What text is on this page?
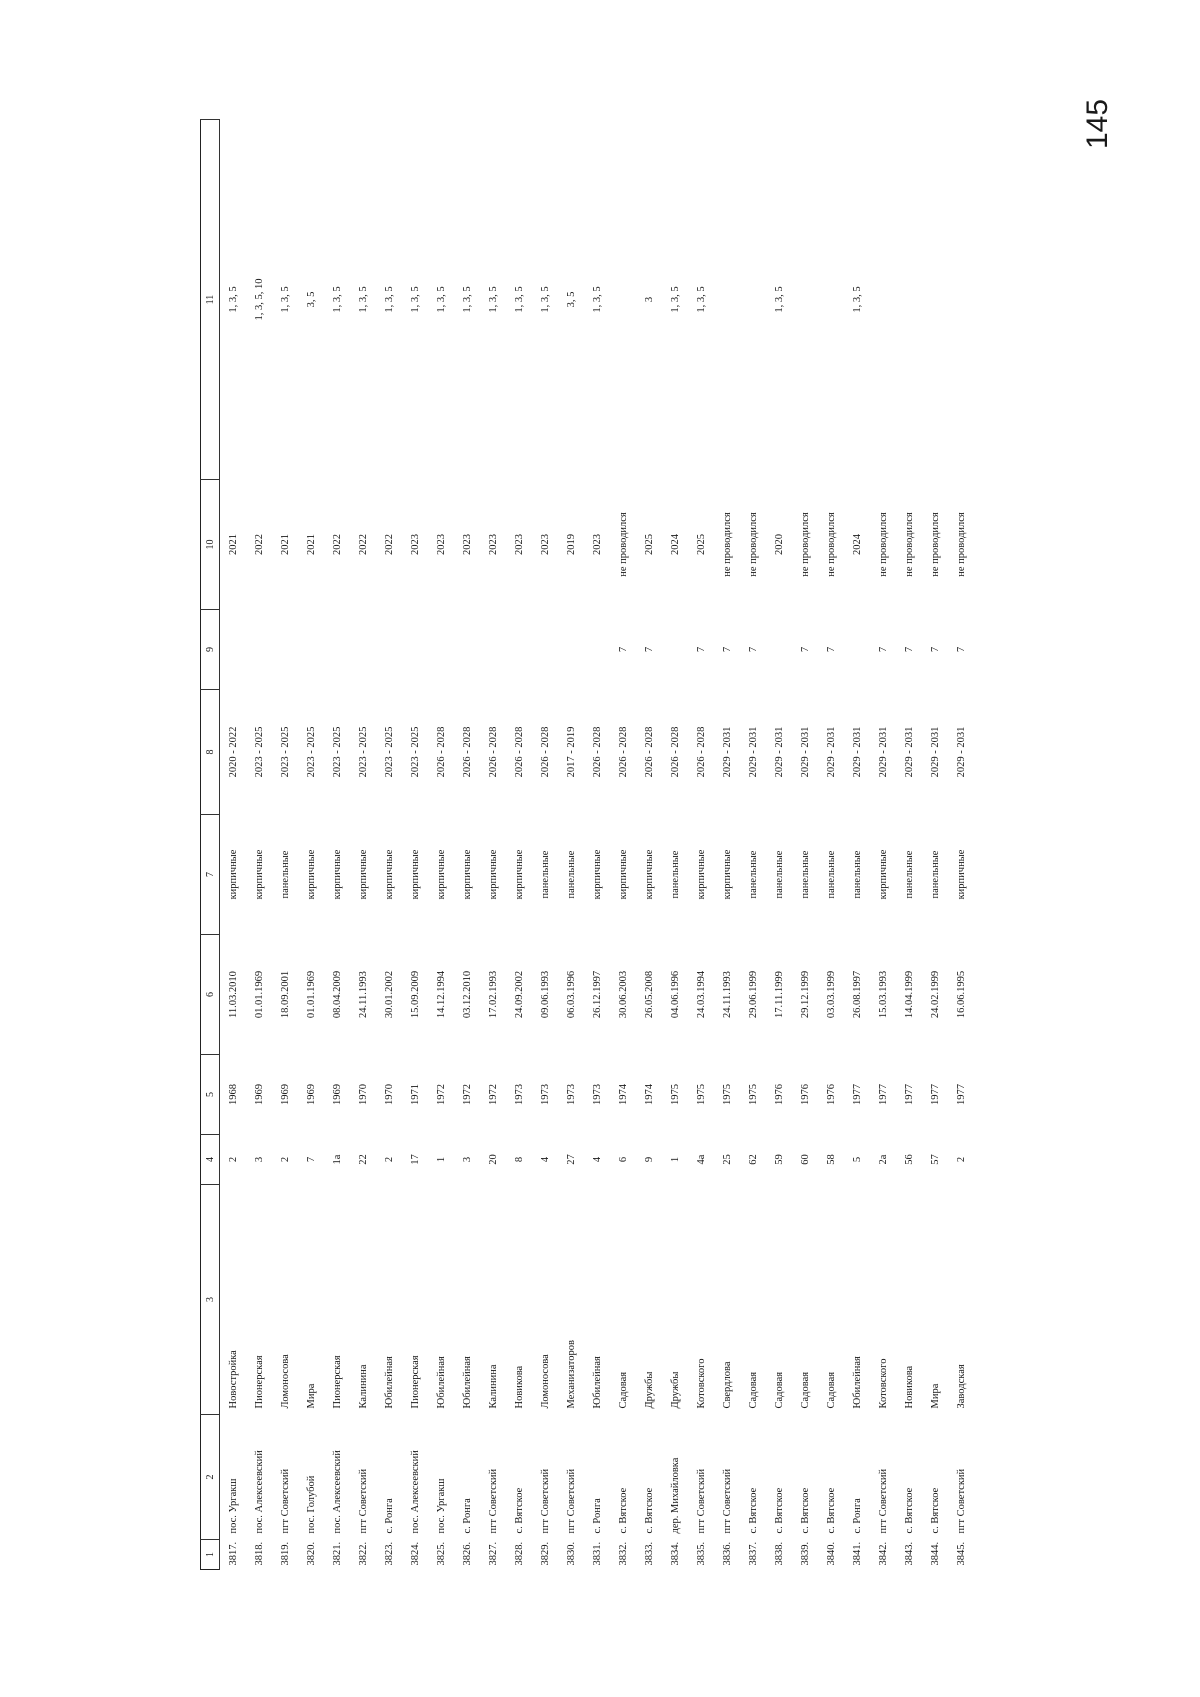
145
1	2	3	4	5	6	7	8	9	10	11
3817.	пос. Ургакш	Новостройка	2	1968	11.03.2010	кирпичные	2020 - 2022		2021	1, 3, 5
3818.	пос. Алексеевский	Пионерская	3	1969	01.01.1969	кирпичные	2023 - 2025		2022	1, 3, 5, 10
3819.	пгт Советский	Ломоносова	2	1969	18.09.2001	панельные	2023 - 2025		2021	1, 3, 5
3820.	пос. Голубой	Мира	7	1969	01.01.1969	кирпичные	2023 - 2025		2021	3, 5
3821.	пос. Алексеевский	Пионерская	1а	1969	08.04.2009	кирпичные	2023 - 2025		2022	1, 3, 5
3822.	пгт Советский	Калинина	22	1970	24.11.1993	кирпичные	2023 - 2025		2022	1, 3, 5
3823.	с. Ронга	Юбилейная	2	1970	30.01.2002	кирпичные	2023 - 2025		2022	1, 3, 5
3824.	пос. Алексеевский	Пионерская	17	1971	15.09.2009	кирпичные	2023 - 2025		2023	1, 3, 5
3825.	пос. Ургакш	Юбилейная	1	1972	14.12.1994	кирпичные	2026 - 2028		2023	1, 3, 5
3826.	с. Ронга	Юбилейная	3	1972	03.12.2010	кирпичные	2026 - 2028		2023	1, 3, 5
3827.	пгт Советский	Калинина	20	1972	17.02.1993	кирпичные	2026 - 2028		2023	1, 3, 5
3828.	с. Вятское	Новикова	8	1973	24.09.2002	кирпичные	2026 - 2028		2023	1, 3, 5
3829.	пгт Советский	Ломоносова	4	1973	09.06.1993	панельные	2026 - 2028		2023	1, 3, 5
3830.	пгт Советский	Механизаторов	27	1973	06.03.1996	панельные	2017 - 2019		2019	3, 5
3831.	с. Ронга	Юбилейная	4	1973	26.12.1997	кирпичные	2026 - 2028		2023	1, 3, 5
3832.	с. Вятское	Садовая	6	1974	30.06.2003	кирпичные	2026 - 2028	7	не проводился	
3833.	с. Вятское	Дружбы	9	1974	26.05.2008	кирпичные	2026 - 2028	7	2025	3
3834.	дер. Михайловка	Дружбы	1	1975	04.06.1996	панельные	2026 - 2028		2024	1, 3, 5
3835.	пгт Советский	Котовского	4а	1975	24.03.1994	кирпичные	2026 - 2028	7	2025	1, 3, 5
3836.	пгт Советский	Свердлова	25	1975	24.11.1993	кирпичные	2029 - 2031	7	не проводился	
3837.	с. Вятское	Садовая	62	1975	29.06.1999	панельные	2029 - 2031	7	не проводился	
3838.	с. Вятское	Садовая	59	1976	17.11.1999	панельные	2029 - 2031		2020	1, 3, 5
3839.	с. Вятское	Садовая	60	1976	29.12.1999	панельные	2029 - 2031	7	не проводился	
3840.	с. Вятское	Садовая	58	1976	03.03.1999	панельные	2029 - 2031	7	не проводился	
3841.	с. Ронга	Юбилейная	5	1977	26.08.1997	панельные	2029 - 2031		2024	1, 3, 5
3842.	пгт Советский	Котовского	2а	1977	15.03.1993	кирпичные	2029 - 2031	7	не проводился	
3843.	с. Вятское	Новикова	56	1977	14.04.1999	панельные	2029 - 2031	7	не проводился	
3844.	с. Вятское	Мира	57	1977	24.02.1999	панельные	2029 - 2031	7	не проводился	
3845.	пгт Советский	Заводская	2	1977	16.06.1995	кирпичные	2029 - 2031	7	не проводился	
